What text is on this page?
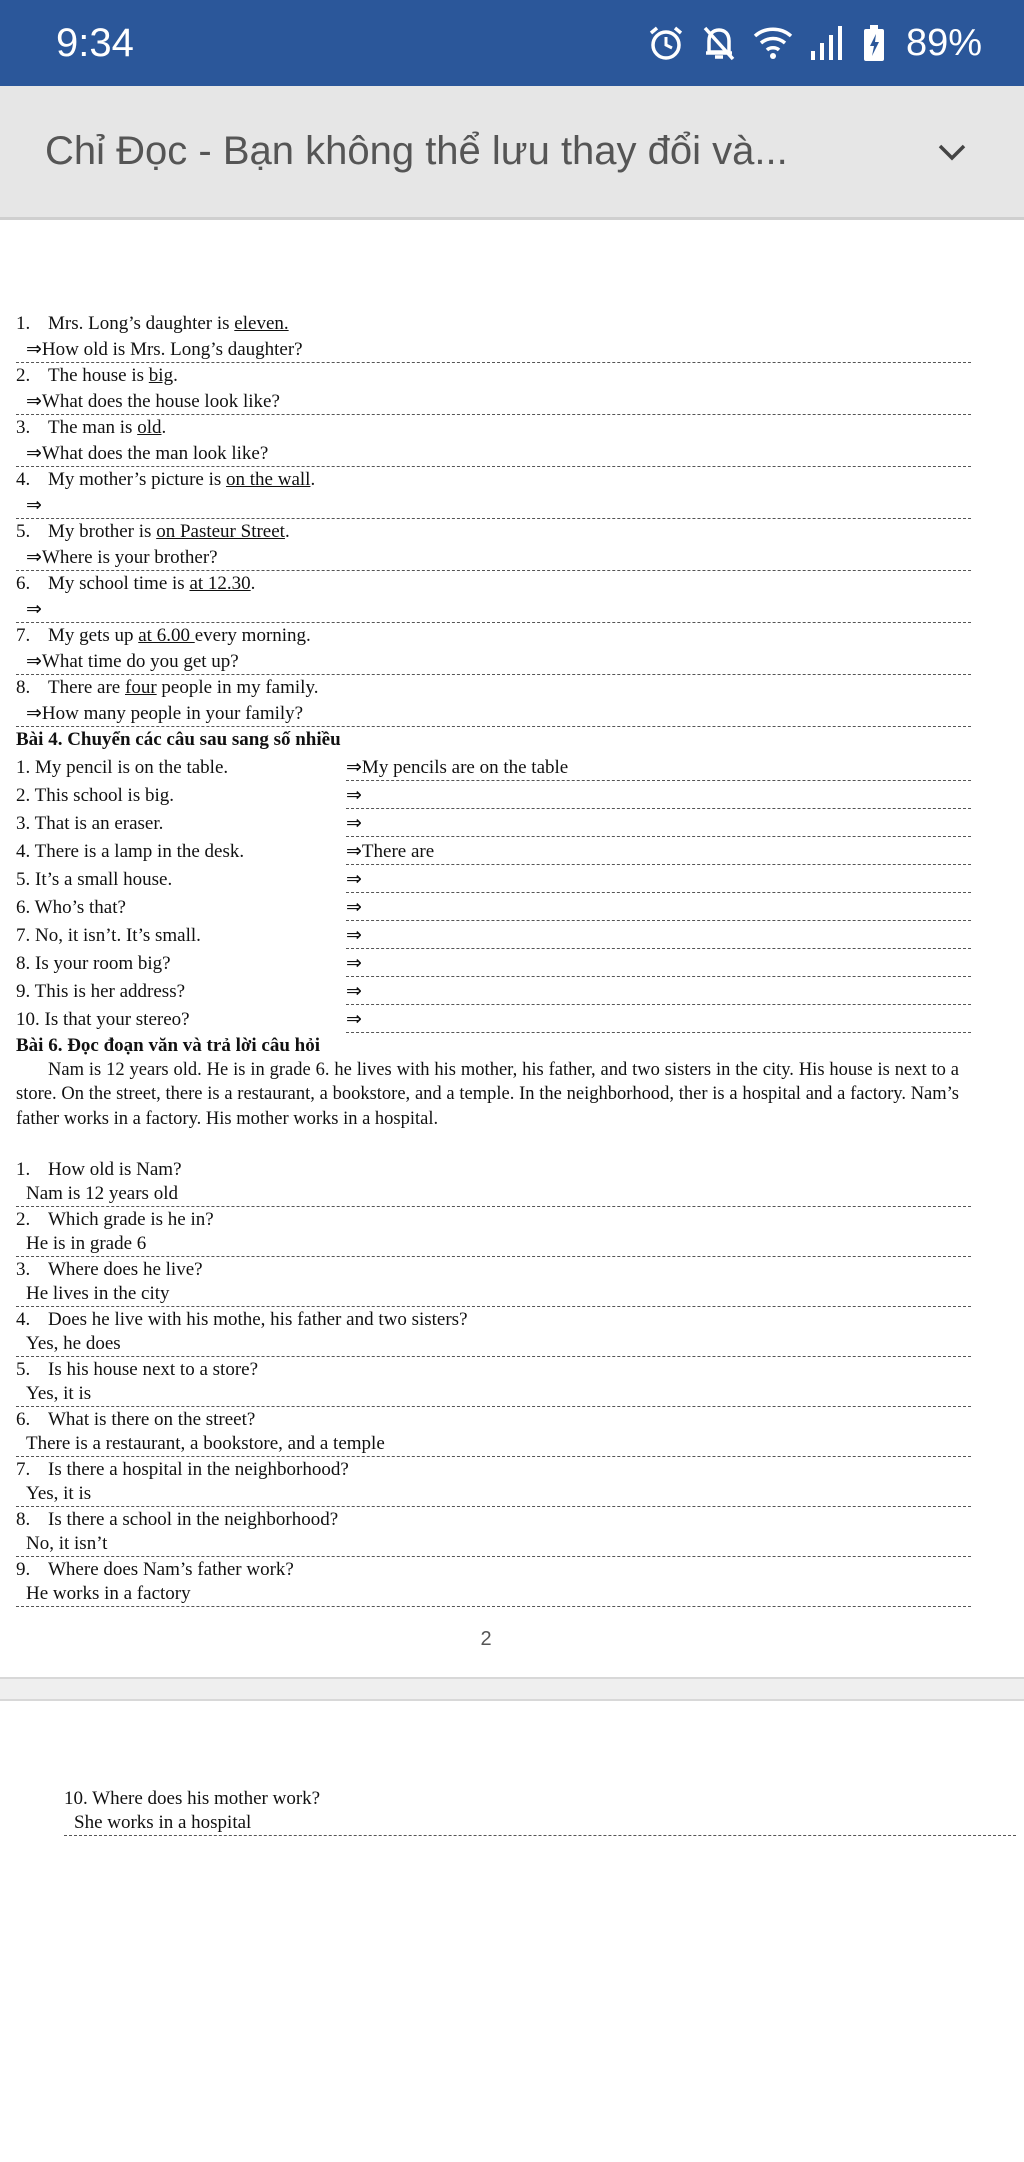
9:34	89%
Chỉ Đọc - Bạn không thể lưu thay đổi và...
1. Mrs. Long’s daughter is eleven.
⇒How old is Mrs. Long’s daughter?
2. The house is big.
⇒What does the house look like?
3. The man is old.
⇒What does the man look like?
4. My mother’s picture is on the wall.
⇒
5. My brother is on Pasteur Street.
⇒Where is your brother?
6. My school time is at 12.30.
⇒
7. My gets up at 6.00 every morning.
⇒What time do you get up?
8. There are four people in my family.
⇒How many people in your family?
Bài 4. Chuyển các câu sau sang số nhiều
1. My pencil is on the table.	⇒My pencils are on the table
2. This school is big.	⇒
3. That is an eraser.	⇒
4. There is a lamp in the desk.	⇒There are
5. It’s a small house.	⇒
6. Who’s that?	⇒
7. No, it isn’t. It’s small.	⇒
8. Is your room big?	⇒
9. This is her address?	⇒
10. Is that your stereo?	⇒
Bài 6. Đọc đoạn văn và trả lời câu hỏi

Nam is 12 years old. He is in grade 6. he lives with his mother, his father, and two sisters in the city. His house is next to a store. On the street, there is a restaurant, a bookstore, and a temple. In the neighborhood, ther is a hospital and a factory. Nam’s father works in a factory. His mother works in a hospital.

1. How old is Nam?
Nam is 12 years old
2. Which grade is he in?
He is in grade 6
3. Where does he live?
He lives in the city
4. Does he live with his mothe, his father and two sisters?
Yes, he does
5. Is his house next to a store?
Yes, it is
6. What is there on the street?
There is a restaurant, a bookstore, and a temple
7. Is there a hospital in the neighborhood?
Yes, it is
8. Is there a school in the neighborhood?
No, it isn’t
9. Where does Nam’s father work?
He works in a factory
2
10. Where does his mother work?
She works in a hospital
